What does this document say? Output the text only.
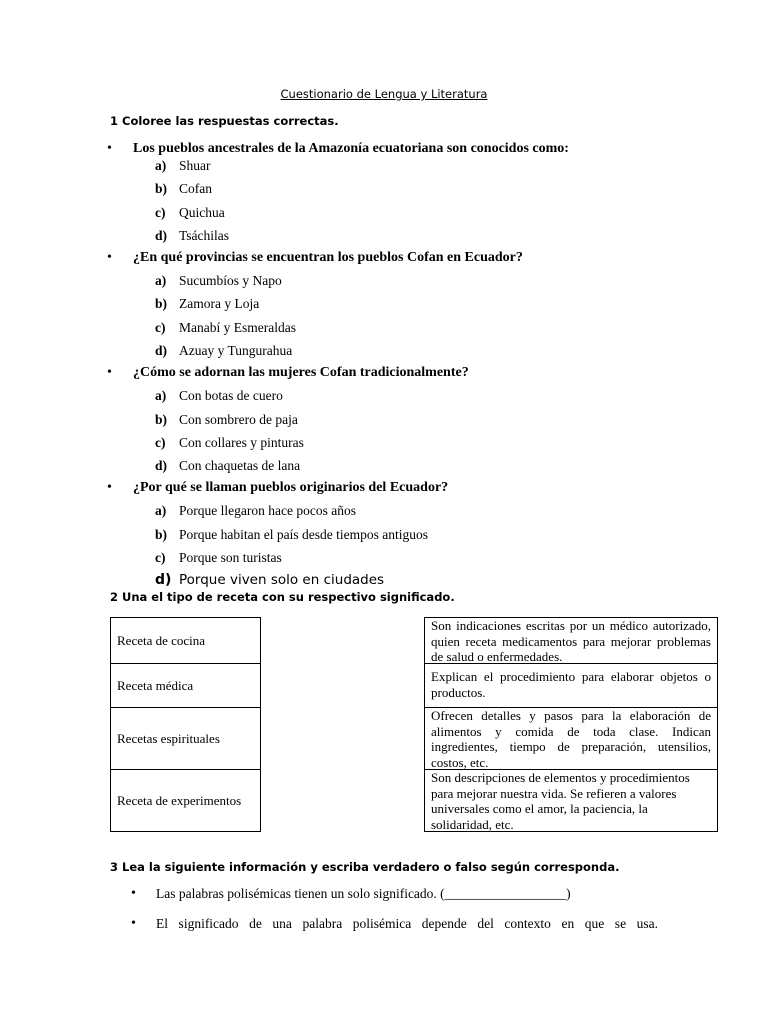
Cuestionario de Lengua y Literatura
1 Coloree las respuestas correctas.
• Los pueblos ancestrales de la Amazonía ecuatoriana son conocidos como:
a) Shuar
b) Cofan
c) Quichua
d) Tsáchilas
• ¿En qué provincias se encuentran los pueblos Cofan en Ecuador?
a) Sucumbíos y Napo
b) Zamora y Loja
c) Manabí y Esmeraldas
d) Azuay y Tungurahua
• ¿Cómo se adornan las mujeres Cofan tradicionalmente?
a) Con botas de cuero
b) Con sombrero de paja
c) Con collares y pinturas
d) Con chaquetas de lana
• ¿Por qué se llaman pueblos originarios del Ecuador?
a) Porque llegaron hace pocos años
b) Porque habitan el país desde tiempos antiguos
c) Porque son turistas
d) Porque viven solo en ciudades
2 Una el tipo de receta con su respectivo significado.
Receta de cocina
Receta médica
Recetas espirituales
Receta de experimentos
Son indicaciones escritas por un médico autorizado, quien receta medicamentos para mejorar problemas de salud o enfermedades.
Explican el procedimiento para elaborar objetos o productos.
Ofrecen detalles y pasos para la elaboración de alimentos y comida de toda clase. Indican ingredientes, tiempo de preparación, utensilios, costos, etc.
Son descripciones de elementos y procedimientos para mejorar nuestra vida. Se refieren a valores universales como el amor, la paciencia, la solidaridad, etc.
3 Lea la siguiente información y escriba verdadero o falso según corresponda.
• Las palabras polisémicas tienen un solo significado. (__________________)
• El significado de una palabra polisémica depende del contexto en que se usa.
